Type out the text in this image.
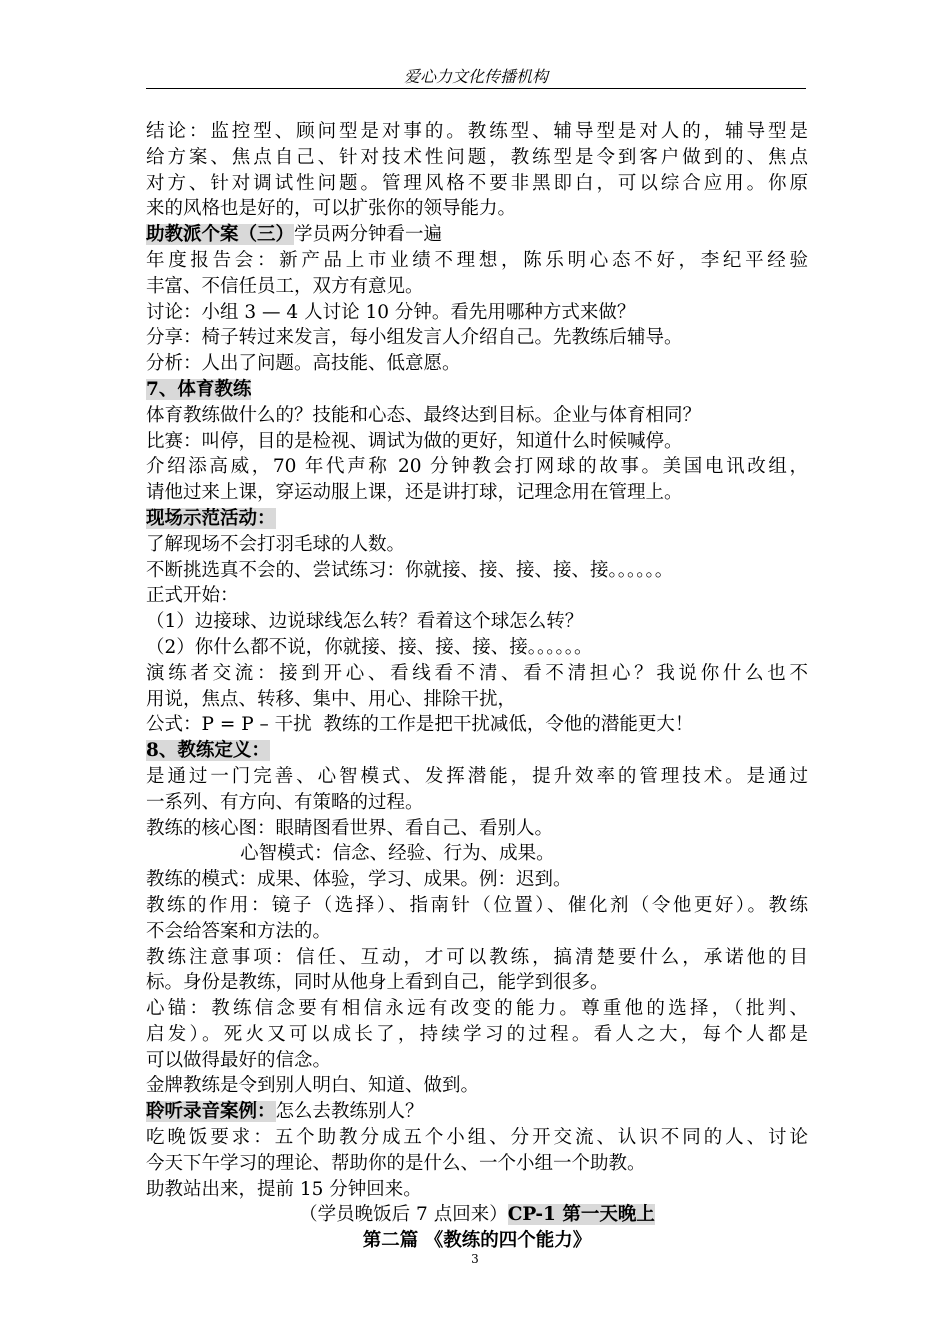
爱心力文化传播机构
结论：监控型、顾问型是对事的。教练型、辅导型是对人的，辅导型是
给方案、焦点自己、针对技术性问题，教练型是令到客户做到的、焦点
对方、针对调试性问题。管理风格不要非黑即白，可以综合应用。你原
来的风格也是好的，可以扩张你的领导能力。
助教派个案（三）学员两分钟看一遍
年度报告会：新产品上市业绩不理想，陈乐明心态不好，李纪平经验
丰富、不信任员工，双方有意见。
讨论：小组 3 — 4 人讨论 10 分钟。看先用哪种方式来做？
分享：椅子转过来发言，每小组发言人介绍自己。先教练后辅导。
分析：人出了问题。高技能、低意愿。
7、体育教练
体育教练做什么的？技能和心态、最终达到目标。企业与体育相同？
比赛：叫停，目的是检视、调试为做的更好，知道什么时候喊停。
介绍添高威，70 年代声称 20 分钟教会打网球的故事。美国电讯改组，
请他过来上课，穿运动服上课，还是讲打球，记理念用在管理上。
现场示范活动：
了解现场不会打羽毛球的人数。
不断挑选真不会的、尝试练习：你就接、接、接、接、接。。。。。。
正式开始：
（1）边接球、边说球线怎么转？看着这个球怎么转？
（2）你什么都不说，你就接、接、接、接、接。。。。。。
演练者交流：接到开心、看线看不清、看不清担心？我说你什么也不
用说，焦点、转移、集中、用心、排除干扰，
公式：P = P – 干扰  教练的工作是把干扰减低，令他的潜能更大！
8、教练定义：
是通过一门完善、心智模式、发挥潜能，提升效率的管理技术。是通过
一系列、有方向、有策略的过程。
教练的核心图：眼睛图看世界、看自己、看别人。
心智模式：信念、经验、行为、成果。
教练的模式：成果、体验，学习、成果。例：迟到。
教练的作用：镜子（选择）、指南针（位置）、催化剂（令他更好）。教练
不会给答案和方法的。
教练注意事项：信任、互动，才可以教练，搞清楚要什么，承诺他的目
标。身份是教练，同时从他身上看到自己，能学到很多。
心锚：教练信念要有相信永远有改变的能力。尊重他的选择，（批判、
启发）。死火又可以成长了，持续学习的过程。看人之大，每个人都是
可以做得最好的信念。
金牌教练是令到别人明白、知道、做到。
聆听录音案例：怎么去教练别人？
吃晚饭要求：五个助教分成五个小组、分开交流、认识不同的人、讨论
今天下午学习的理论、帮助你的是什么、一个小组一个助教。
助教站出来，提前 15 分钟回来。
（学员晚饭后 7 点回来）CP-1 第一天晚上
第二篇 《教练的四个能力》
3
